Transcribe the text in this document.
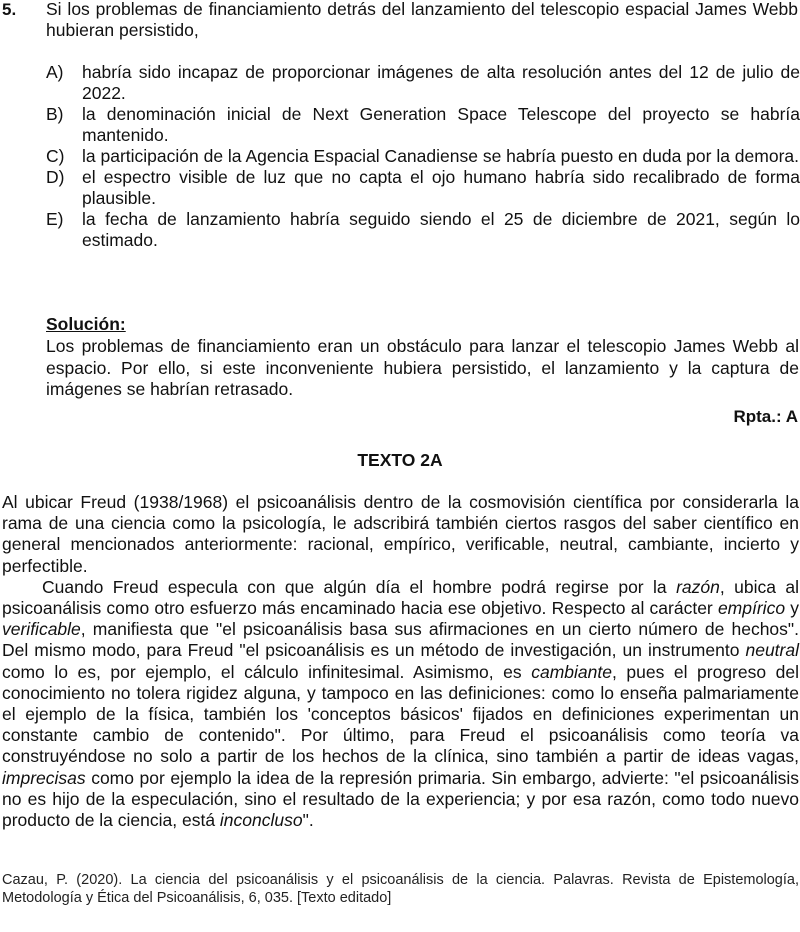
5. Si los problemas de financiamiento detrás del lanzamiento del telescopio espacial James Webb hubieran persistido,

A)	habría sido incapaz de proporcionar imágenes de alta resolución antes del 12 de julio de 2022.
B)	la denominación inicial de Next Generation Space Telescope del proyecto se habría mantenido.
C)	la participación de la Agencia Espacial Canadiense se habría puesto en duda por la demora.
D)	el espectro visible de luz que no capta el ojo humano habría sido recalibrado de forma plausible.
E)	la fecha de lanzamiento habría seguido siendo el 25 de diciembre de 2021, según lo estimado.
Solución:

Los problemas de financiamiento eran un obstáculo para lanzar el telescopio James Webb al espacio. Por ello, si este inconveniente hubiera persistido, el lanzamiento y la captura de imágenes se habrían retrasado.

Rpta.: A
TEXTO 2A

Al ubicar Freud (1938/1968) el psicoanálisis dentro de la cosmovisión científica por considerarla la rama de una ciencia como la psicología, le adscribirá también ciertos rasgos del saber científico en general mencionados anteriormente: racional, empírico, verificable, neutral, cambiante, incierto y perfectible.

Cuando Freud especula con que algún día el hombre podrá regirse por la razón, ubica al psicoanálisis como otro esfuerzo más encaminado hacia ese objetivo. Respecto al carácter empírico y verificable, manifiesta que "el psicoanálisis basa sus afirmaciones en un cierto número de hechos". Del mismo modo, para Freud "el psicoanálisis es un método de investigación, un instrumento neutral como lo es, por ejemplo, el cálculo infinitesimal. Asimismo, es cambiante, pues el progreso del conocimiento no tolera rigidez alguna, y tampoco en las definiciones: como lo enseña palmariamente el ejemplo de la física, también los 'conceptos básicos' fijados en definiciones experimentan un constante cambio de contenido". Por último, para Freud el psicoanálisis como teoría va construyéndose no solo a partir de los hechos de la clínica, sino también a partir de ideas vagas, imprecisas como por ejemplo la idea de la represión primaria. Sin embargo, advierte: "el psicoanálisis no es hijo de la especulación, sino el resultado de la experiencia; y por esa razón, como todo nuevo producto de la ciencia, está inconcluso".

Cazau, P. (2020). La ciencia del psicoanálisis y el psicoanálisis de la ciencia. Palavras. Revista de Epistemología, Metodología y Ética del Psicoanálisis, 6, 035. [Texto editado]
